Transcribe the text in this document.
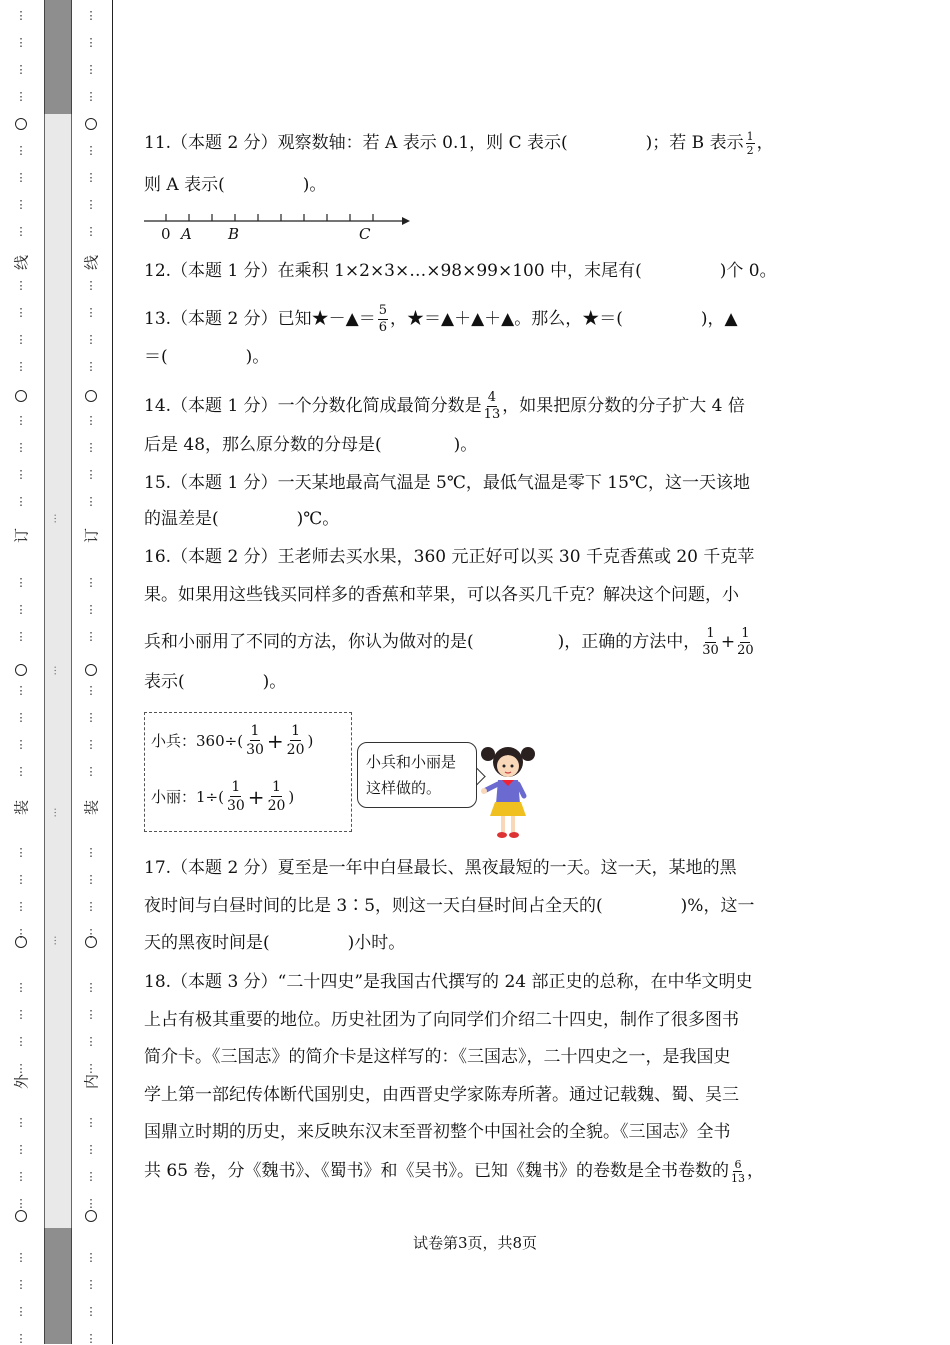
⋮
⋮
⋮
⋮
⋮
⋮
⋮
⋮
⋮
⋮
⋮
⋮
⋮
⋮
⋮
⋮
⋮
⋮
⋮
⋮
⋮
⋮
⋮
⋮
⋮
⋮
⋮
⋮
⋮
⋮
⋮
⋮
⋮
⋮
⋮
⋮
⋮
⋮
⋮
线
订
装
外
⋮
⋮
⋮
⋮
⋮
⋮
⋮
⋮
⋮
⋮
⋮
⋮
⋮
⋮
⋮
⋮
⋮
⋮
⋮
⋮
⋮
⋮
⋮
⋮
⋮
⋮
⋮
⋮
⋮
⋮
⋮
⋮
⋮
⋮
⋮
⋮
⋮
⋮
⋮
线
订
装
内
…
…
…
…
11.（本题 2 分）观察数轴：若 A 表示 0.1，则 C 表示(	)；若 B 表示 $\frac{1}{2}$ ，
则 A 表示(	)。
12.（本题 1 分）在乘积 1×2×3×…×98×99×100 中，末尾有(	)个 0。
13.（本题 2 分）已知★－▲＝ $\frac{5}{6}$ ，★＝▲＋▲＋▲。那么，★＝(	)，▲
＝(	)。
14.（本题 1 分）一个分数化简成最简分数是 $\frac{4}{13}$ ，如果把原分数的分子扩大 4 倍
后是 48，那么原分数的分母是(	)。
15.（本题 1 分）一天某地最高气温是 5℃，最低气温是零下 15℃，这一天该地
的温差是(	)℃。
16.（本题 2 分）王老师去买水果，360 元正好可以买 30 千克香蕉或 20 千克苹
果。如果用这些钱买同样多的香蕉和苹果，可以各买几千克？解决这个问题，小
兵和小丽用了不同的方法，你认为做对的是(	)，正确的方法中， $\frac{1}{30} + \frac{1}{20}$
表示(	)。
17.（本题 2 分）夏至是一年中白昼最长、黑夜最短的一天。这一天，某地的黑
夜时间与白昼时间的比是 3∶5，则这一天白昼时间占全天的(	)%，这一
天的黑夜时间是(	)小时。
18.（本题 3 分）“二十四史”是我国古代撰写的 24 部正史的总称，在中华文明史
上占有极其重要的地位。历史社团为了向同学们介绍二十四史，制作了很多图书
简介卡。《三国志》的简介卡是这样写的：《三国志》，二十四史之一，是我国史
学上第一部纪传体断代国别史，由西晋史学家陈寿所著。通过记载魏、蜀、吴三
国鼎立时期的历史，来反映东汉末至晋初整个中国社会的全貌。《三国志》全书
共 65 卷，分《魏书》、《蜀书》和《吴书》。已知《魏书》的卷数是全书卷数的 $\frac{6}{13}$ ，
0 A B	C
小兵：$360\div( \frac{1}{30} + \frac{1}{20}$ )
小丽：$1\div( \frac{1}{30} + \frac{1}{20}$ )
小兵和小丽是
这样做的。
试卷第3页，共8页
